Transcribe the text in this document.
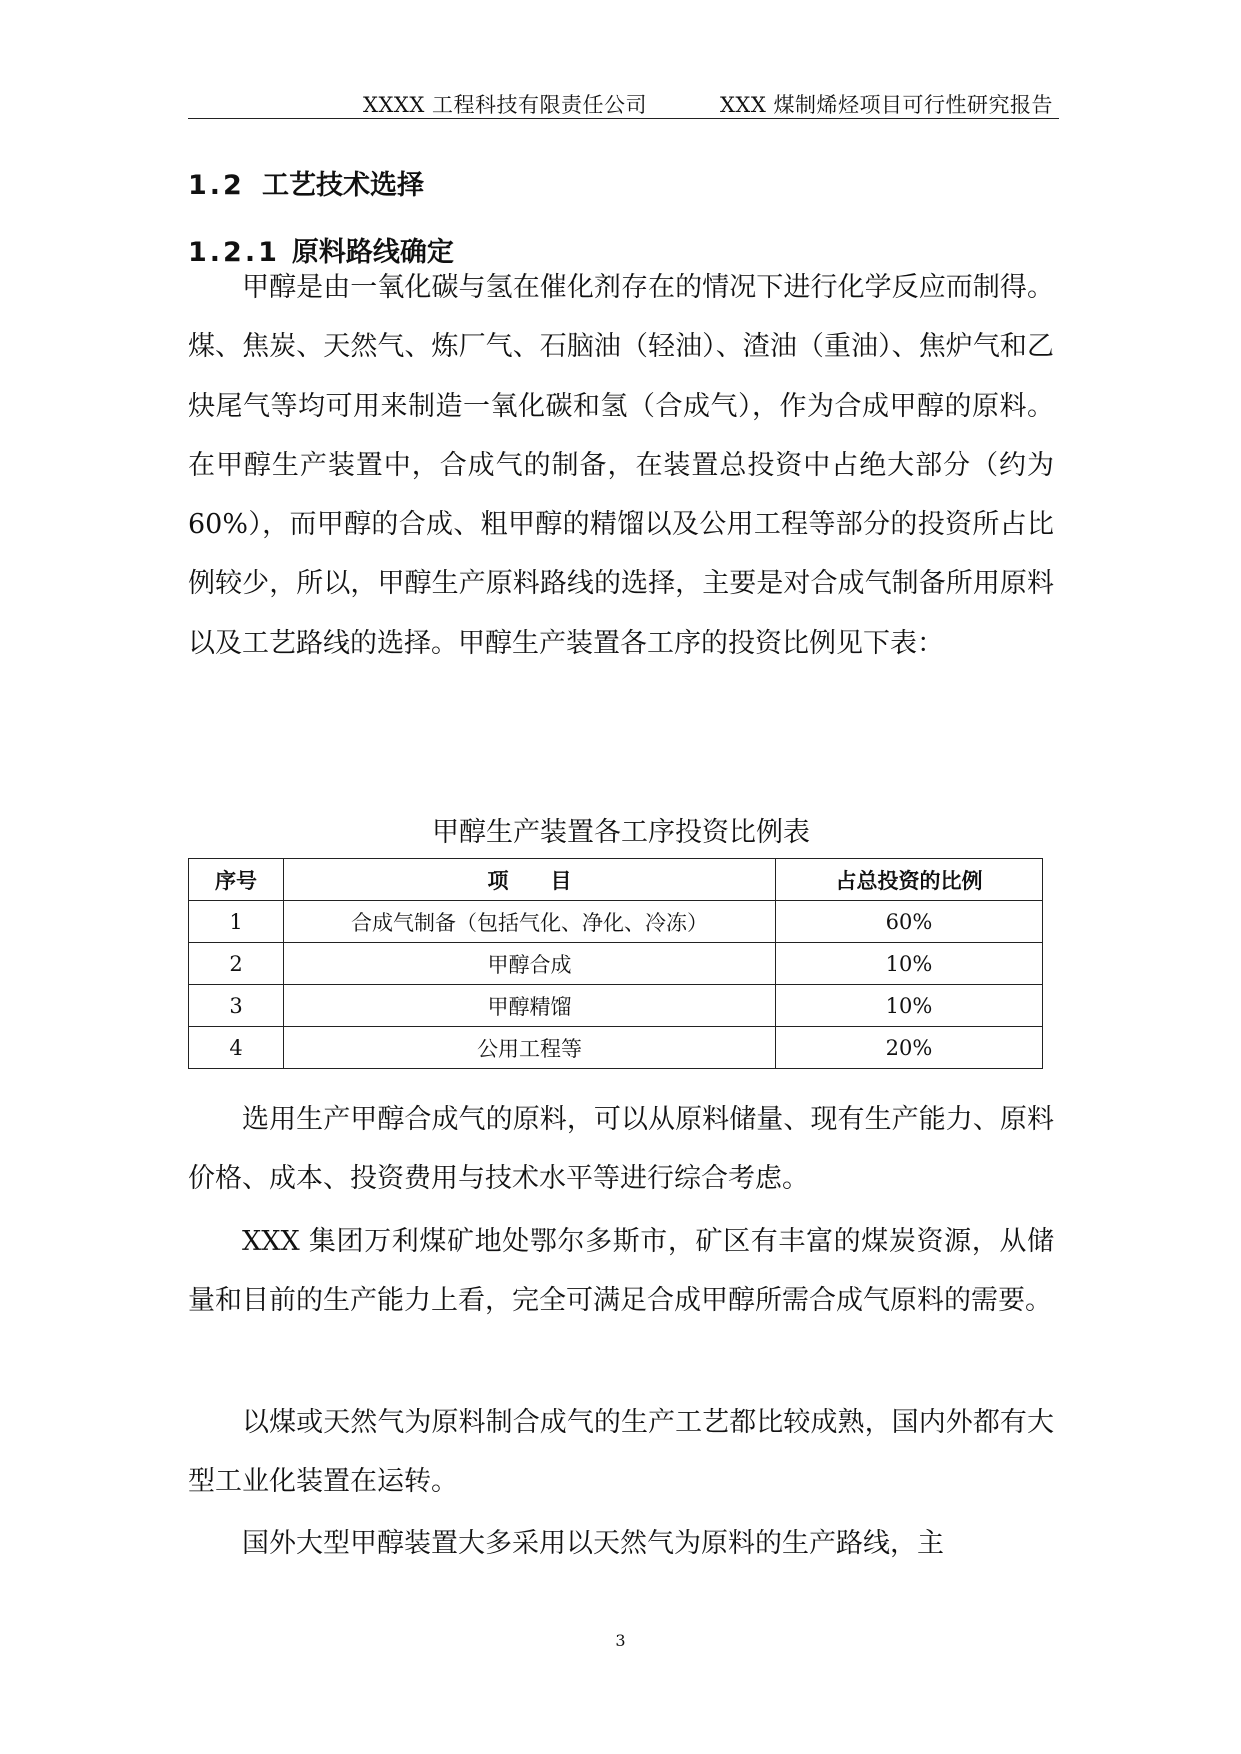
XXXX 工程科技有限责任公司	XXX 煤制烯烃项目可行性研究报告
1.2 工艺技术选择
1.2.1 原料路线确定

甲醇是由一氧化碳与氢在催化剂存在的情况下进行化学反应而制得。煤、焦炭、天然气、炼厂气、石脑油（轻油）、渣油（重油）、焦炉气和乙炔尾气等均可用来制造一氧化碳和氢（合成气），作为合成甲醇的原料。在甲醇生产装置中，合成气的制备，在装置总投资中占绝大部分（约为 60%），而甲醇的合成、粗甲醇的精馏以及公用工程等部分的投资所占比例较少，所以，甲醇生产原料路线的选择，主要是对合成气制备所用原料以及工艺路线的选择。甲醇生产装置各工序的投资比例见下表：

甲醇生产装置各工序投资比例表
序号	项　　目	占总投资的比例
1	合成气制备（包括气化、净化、冷冻）	60%
2	甲醇合成	10%
3	甲醇精馏	10%
4	公用工程等	20%

选用生产甲醇合成气的原料，可以从原料储量、现有生产能力、原料价格、成本、投资费用与技术水平等进行综合考虑。

XXX 集团万利煤矿地处鄂尔多斯市，矿区有丰富的煤炭资源，从储量和目前的生产能力上看，完全可满足合成甲醇所需合成气原料的需要。

以煤或天然气为原料制合成气的生产工艺都比较成熟，国内外都有大型工业化装置在运转。

国外大型甲醇装置大多采用以天然气为原料的生产路线，主

3
